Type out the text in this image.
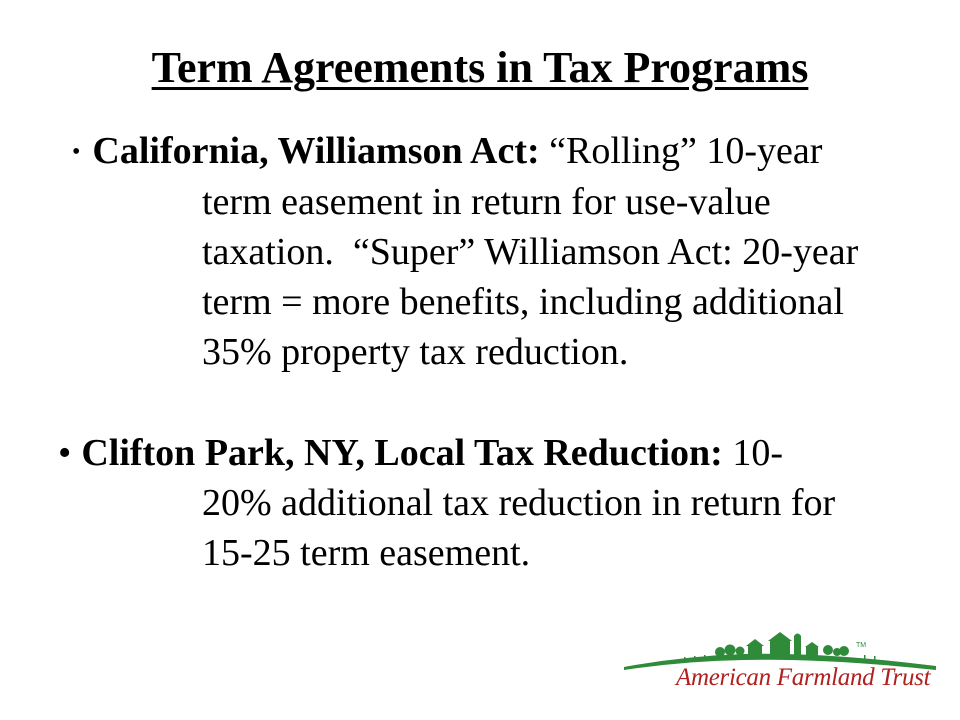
Term Agreements in Tax Programs
• California, Williamson Act: “Rolling” 10-year
term easement in return for use-value
taxation.  “Super” Williamson Act: 20-year
term = more benefits, including additional
35% property tax reduction.
• Clifton Park, NY, Local Tax Reduction: 10-
20% additional tax reduction in return for
15-25 term easement.
TM
American Farmland Trust
